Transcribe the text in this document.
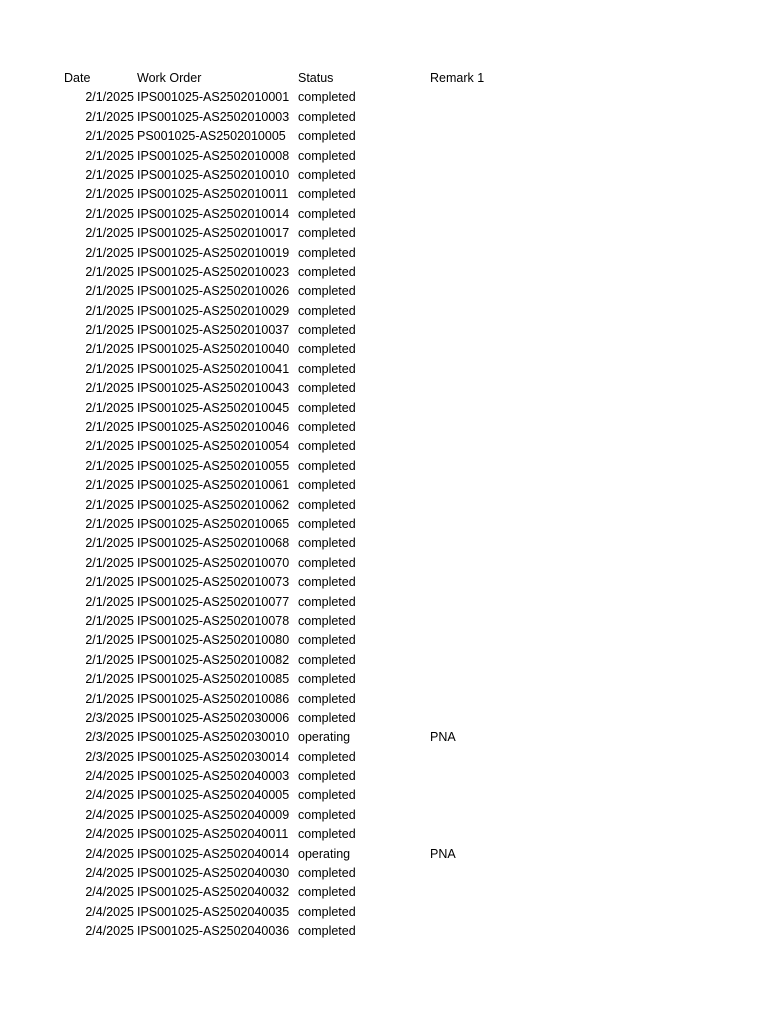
Date	Work Order	Status	Remark 1
2/1/2025 IPS001025-AS2502010001 completed
2/1/2025 IPS001025-AS2502010003 completed
2/1/2025 PS001025-AS2502010005 completed
2/1/2025 IPS001025-AS2502010008 completed
2/1/2025 IPS001025-AS2502010010 completed
2/1/2025 IPS001025-AS2502010011 completed
2/1/2025 IPS001025-AS2502010014 completed
2/1/2025 IPS001025-AS2502010017 completed
2/1/2025 IPS001025-AS2502010019 completed
2/1/2025 IPS001025-AS2502010023 completed
2/1/2025 IPS001025-AS2502010026 completed
2/1/2025 IPS001025-AS2502010029 completed
2/1/2025 IPS001025-AS2502010037 completed
2/1/2025 IPS001025-AS2502010040 completed
2/1/2025 IPS001025-AS2502010041 completed
2/1/2025 IPS001025-AS2502010043 completed
2/1/2025 IPS001025-AS2502010045 completed
2/1/2025 IPS001025-AS2502010046 completed
2/1/2025 IPS001025-AS2502010054 completed
2/1/2025 IPS001025-AS2502010055 completed
2/1/2025 IPS001025-AS2502010061 completed
2/1/2025 IPS001025-AS2502010062 completed
2/1/2025 IPS001025-AS2502010065 completed
2/1/2025 IPS001025-AS2502010068 completed
2/1/2025 IPS001025-AS2502010070 completed
2/1/2025 IPS001025-AS2502010073 completed
2/1/2025 IPS001025-AS2502010077 completed
2/1/2025 IPS001025-AS2502010078 completed
2/1/2025 IPS001025-AS2502010080 completed
2/1/2025 IPS001025-AS2502010082 completed
2/1/2025 IPS001025-AS2502010085 completed
2/1/2025 IPS001025-AS2502010086 completed
2/3/2025 IPS001025-AS2502030006 completed
2/3/2025 IPS001025-AS2502030010 operating	PNA
2/3/2025 IPS001025-AS2502030014 completed
2/4/2025 IPS001025-AS2502040003 completed
2/4/2025 IPS001025-AS2502040005 completed
2/4/2025 IPS001025-AS2502040009 completed
2/4/2025 IPS001025-AS2502040011 completed
2/4/2025 IPS001025-AS2502040014 operating	PNA
2/4/2025 IPS001025-AS2502040030 completed
2/4/2025 IPS001025-AS2502040032 completed
2/4/2025 IPS001025-AS2502040035 completed
2/4/2025 IPS001025-AS2502040036 completed
